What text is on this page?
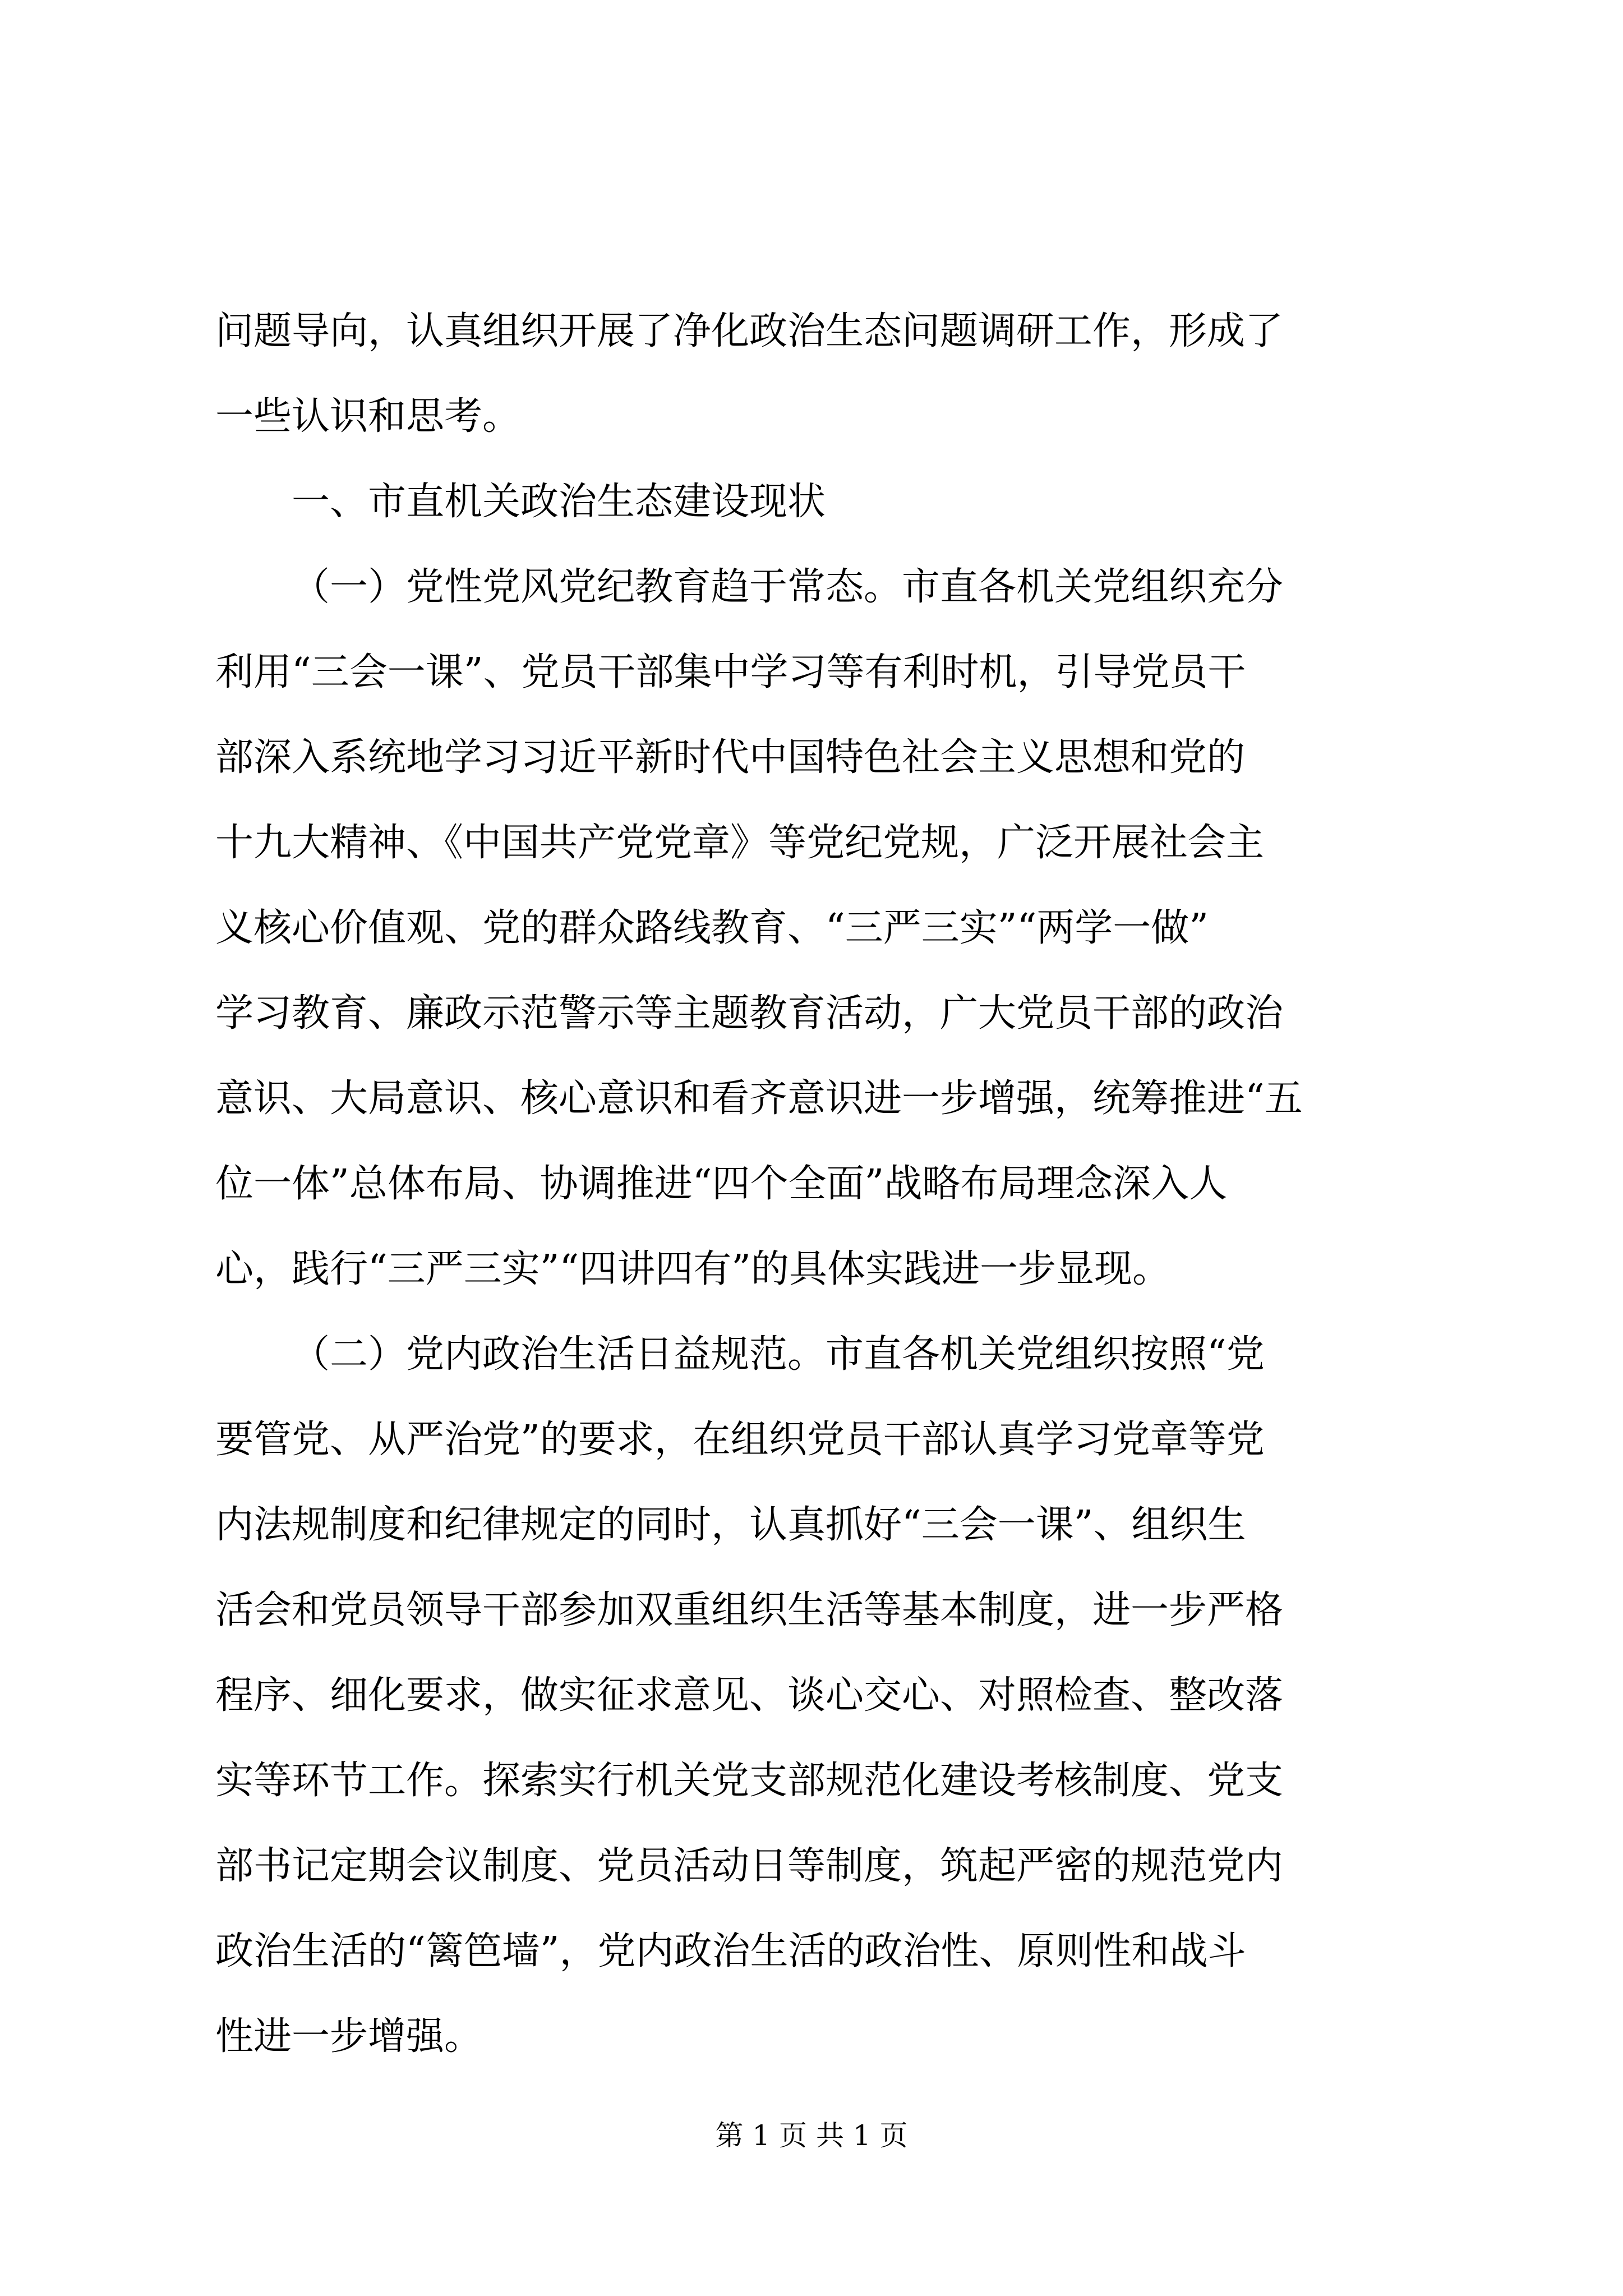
问题导向，认真组织开展了净化政治生态问题调研工作，形成了
一些认识和思考。
一、市直机关政治生态建设现状
（一）党性党风党纪教育趋于常态。市直各机关党组织充分
利用“三会一课”、党员干部集中学习等有利时机，引导党员干
部深入系统地学习习近平新时代中国特色社会主义思想和党的
十九大精神、《中国共产党党章》等党纪党规，广泛开展社会主
义核心价值观、党的群众路线教育、“三严三实”“两学一做”
学习教育、廉政示范警示等主题教育活动，广大党员干部的政治
意识、大局意识、核心意识和看齐意识进一步增强，统筹推进“五
位一体”总体布局、协调推进“四个全面”战略布局理念深入人
心，践行“三严三实”“四讲四有”的具体实践进一步显现。
（二）党内政治生活日益规范。市直各机关党组织按照“党
要管党、从严治党”的要求，在组织党员干部认真学习党章等党
内法规制度和纪律规定的同时，认真抓好“三会一课”、组织生
活会和党员领导干部参加双重组织生活等基本制度，进一步严格
程序、细化要求，做实征求意见、谈心交心、对照检查、整改落
实等环节工作。探索实行机关党支部规范化建设考核制度、党支
部书记定期会议制度、党员活动日等制度，筑起严密的规范党内
政治生活的“篱笆墙”，党内政治生活的政治性、原则性和战斗
性进一步增强。
第 1 页 共 1 页
